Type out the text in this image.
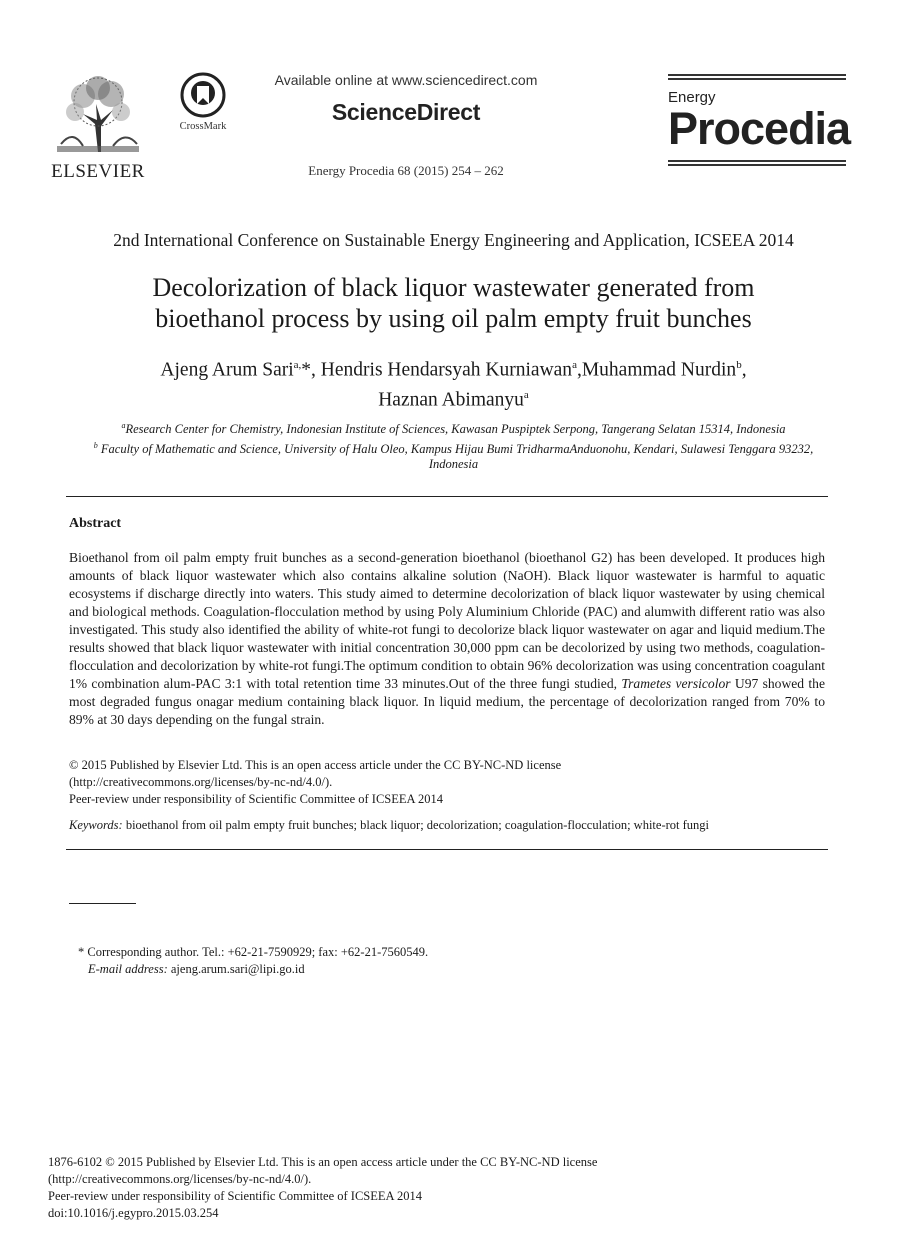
ELSEVIER
CrossMark
Available online at www.sciencedirect.com
ScienceDirect
Energy Procedia 68 (2015) 254 – 262
Energy
Procedia
2nd International Conference on Sustainable Energy Engineering and Application, ICSEEA 2014
Decolorization of black liquor wastewater generated from
bioethanol process by using oil palm empty fruit bunches
Ajeng Arum Sari$^{a,}$*, Hendris Hendarsyah Kurniawan$^a$,Muhammad Nurdin$^b$,
Haznan Abimanyu$^a$
$^a$Research Center for Chemistry, Indonesian Institute of Sciences, Kawasan Puspiptek Serpong, Tangerang Selatan 15314, Indonesia
$^b$ Faculty of Mathematic and Science, University of Halu Oleo, Kampus Hijau Bumi TridharmaAnduonohu, Kendari, Sulawesi Tenggara 93232,
Indonesia
Abstract
Bioethanol from oil palm empty fruit bunches as a second-generation bioethanol (bioethanol G2) has been developed. It produces high amounts of black liquor wastewater which also contains alkaline solution (NaOH). Black liquor wastewater is harmful to aquatic ecosystems if discharge directly into waters. This study aimed to determine decolorization of black liquor wastewater by using chemical and biological methods. Coagulation-flocculation method by using Poly Aluminium Chloride (PAC) and alumwith different ratio was also investigated. This study also identified the ability of white-rot fungi to decolorize black liquor wastewater on agar and liquid medium.The results showed that black liquor wastewater with initial concentration 30,000 ppm can be decolorized by using two methods, coagulation-flocculation and decolorization by white-rot fungi.The optimum condition to obtain 96% decolorization was using concentration coagulant 1% combination alum-PAC 3:1 with total retention time 33 minutes.Out of the three fungi studied, Trametes versicolor U97 showed the most degraded fungus onagar medium containing black liquor. In liquid medium, the percentage of decolorization ranged from 70% to 89% at 30 days depending on the fungal strain.
© 2015 Published by Elsevier Ltd. This is an open access article under the CC BY-NC-ND license
(http://creativecommons.org/licenses/by-nc-nd/4.0/).
Peer-review under responsibility of Scientific Committee of ICSEEA 2014
Keywords: bioethanol from oil palm empty fruit bunches; black liquor; decolorization; coagulation-flocculation; white-rot fungi
* Corresponding author. Tel.: +62-21-7590929; fax: +62-21-7560549.
E-mail address: ajeng.arum.sari@lipi.go.id
1876-6102 © 2015 Published by Elsevier Ltd. This is an open access article under the CC BY-NC-ND license
(http://creativecommons.org/licenses/by-nc-nd/4.0/).
Peer-review under responsibility of Scientific Committee of ICSEEA 2014
doi:10.1016/j.egypro.2015.03.254
